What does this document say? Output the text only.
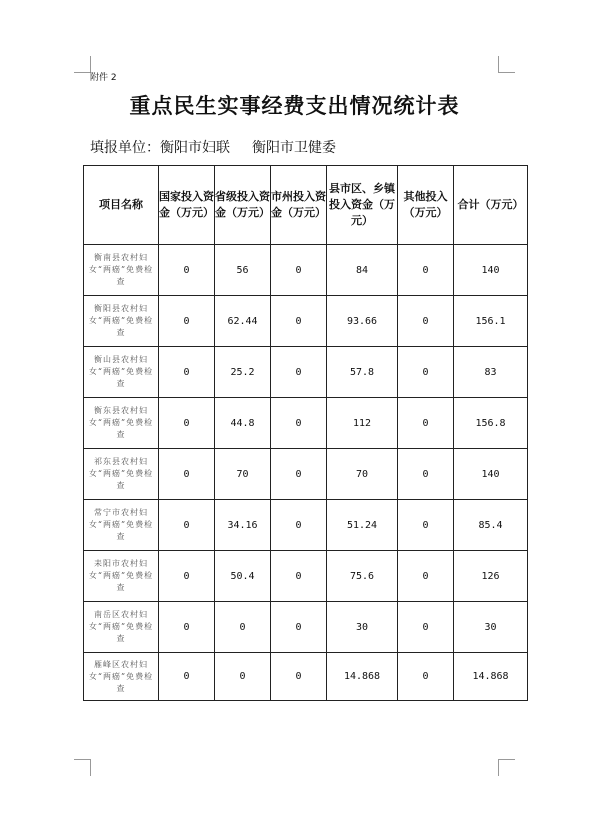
附件 2
重点民生实事经费支出情况统计表
填报单位：衡阳市妇联 衡阳市卫健委
项目名称	国家投入资金（万元）	省级投入资金（万元）	市州投入资金（万元）	县市区、乡镇投入资金（万元）	其他投入（万元）	合计（万元）
衡南县农村妇女“两癌”免费检查	0	56	0	84	0	140
衡阳县农村妇女“两癌”免费检查	0	62.44	0	93.66	0	156.1
衡山县农村妇女“两癌”免费检查	0	25.2	0	57.8	0	83
衡东县农村妇女“两癌”免费检查	0	44.8	0	112	0	156.8
祁东县农村妇女“两癌”免费检查	0	70	0	70	0	140
常宁市农村妇女“两癌”免费检查	0	34.16	0	51.24	0	85.4
耒阳市农村妇女“两癌”免费检查	0	50.4	0	75.6	0	126
南岳区农村妇女“两癌”免费检查	0	0	0	30	0	30
雁峰区农村妇女“两癌”免费检查	0	0	0	14.868	0	14.868
